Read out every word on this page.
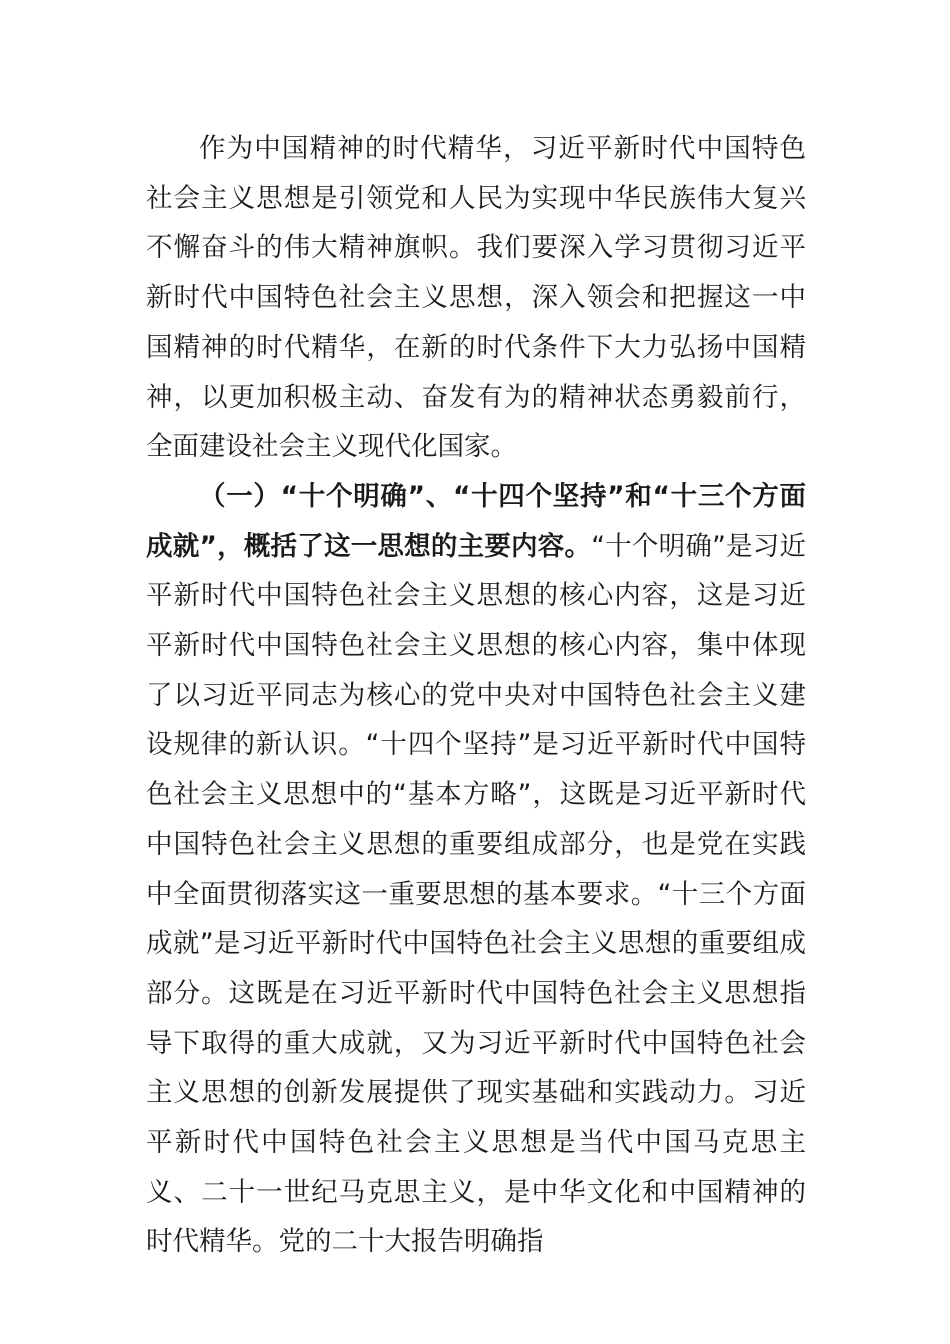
作为中国精神的时代精华，习近平新时代中国特色社会主义思想是引领党和人民为实现中华民族伟大复兴不懈奋斗的伟大精神旗帜。我们要深入学习贯彻习近平新时代中国特色社会主义思想，深入领会和把握这一中国精神的时代精华，在新的时代条件下大力弘扬中国精神，以更加积极主动、奋发有为的精神状态勇毅前行，全面建设社会主义现代化国家。

（一）“十个明确”、“十四个坚持”和“十三个方面成就”，概括了这一思想的主要内容。“十个明确”是习近平新时代中国特色社会主义思想的核心内容，这是习近平新时代中国特色社会主义思想的核心内容，集中体现了以习近平同志为核心的党中央对中国特色社会主义建设规律的新认识。“十四个坚持”是习近平新时代中国特色社会主义思想中的“基本方略”，这既是习近平新时代中国特色社会主义思想的重要组成部分，也是党在实践中全面贯彻落实这一重要思想的基本要求。“十三个方面成就”是习近平新时代中国特色社会主义思想的重要组成部分。这既是在习近平新时代中国特色社会主义思想指导下取得的重大成就，又为习近平新时代中国特色社会主义思想的创新发展提供了现实基础和实践动力。习近平新时代中国特色社会主义思想是当代中国马克思主义、二十一世纪马克思主义，是中华文化和中国精神的时代精华。党的二十大报告明确指
